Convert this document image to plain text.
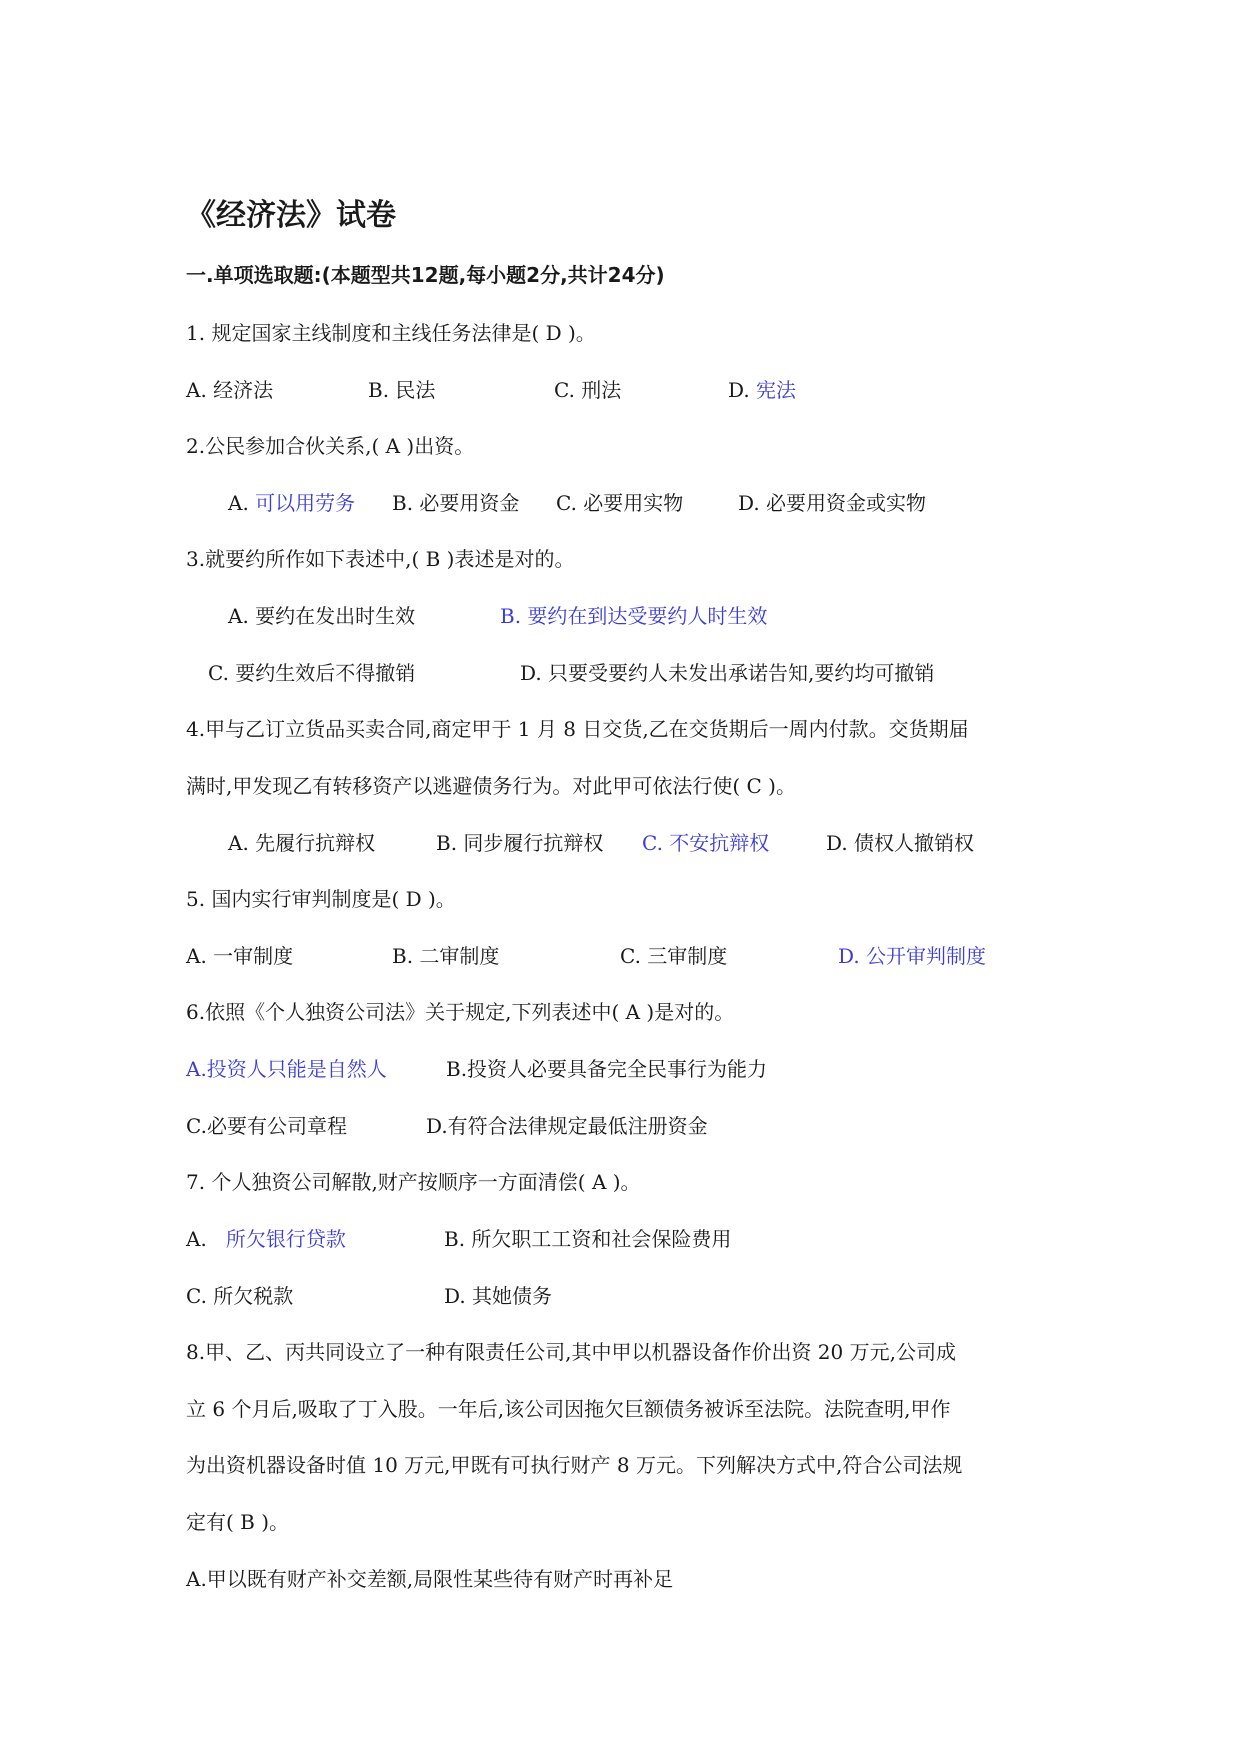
《经济法》试卷
一.单项选取题:(本题型共12题,每小题2分,共计24分)
1. 规定国家主线制度和主线任务法律是( D )。
A. 经济法	B. 民法	C. 刑法	D. 宪法
2.公民参加合伙关系,( A )出资。
A. 可以用劳务 B. 必要用资金 C. 必要用实物	D. 必要用资金或实物
3.就要约所作如下表述中,( B )表述是对的。
A. 要约在发出时生效	B. 要约在到达受要约人时生效
C. 要约生效后不得撤销	D. 只要受要约人未发出承诺告知,要约均可撤销
4.甲与乙订立货品买卖合同,商定甲于 1 月 8 日交货,乙在交货期后一周内付款。交货期届
满时,甲发现乙有转移资产以逃避债务行为。对此甲可依法行使( C )。
A. 先履行抗辩权	B. 同步履行抗辩权 C. 不安抗辩权	D. 债权人撤销权
5. 国内实行审判制度是( D )。
A. 一审制度	B. 二审制度	C. 三审制度	D. 公开审判制度
6.依照《个人独资公司法》关于规定,下列表述中( A )是对的。
A.投资人只能是自然人	B.投资人必要具备完全民事行为能力
C.必要有公司章程	D.有符合法律规定最低注册资金
7. 个人独资公司解散,财产按顺序一方面清偿( A )。
A. 所欠银行贷款	B. 所欠职工工资和社会保险费用
C. 所欠税款	D. 其她债务
8.甲、乙、丙共同设立了一种有限责任公司,其中甲以机器设备作价出资 20 万元,公司成
立 6 个月后,吸取了丁入股。一年后,该公司因拖欠巨额债务被诉至法院。法院查明,甲作
为出资机器设备时值 10 万元,甲既有可执行财产 8 万元。下列解决方式中,符合公司法规
定有( B )。
A.甲以既有财产补交差额,局限性某些待有财产时再补足
